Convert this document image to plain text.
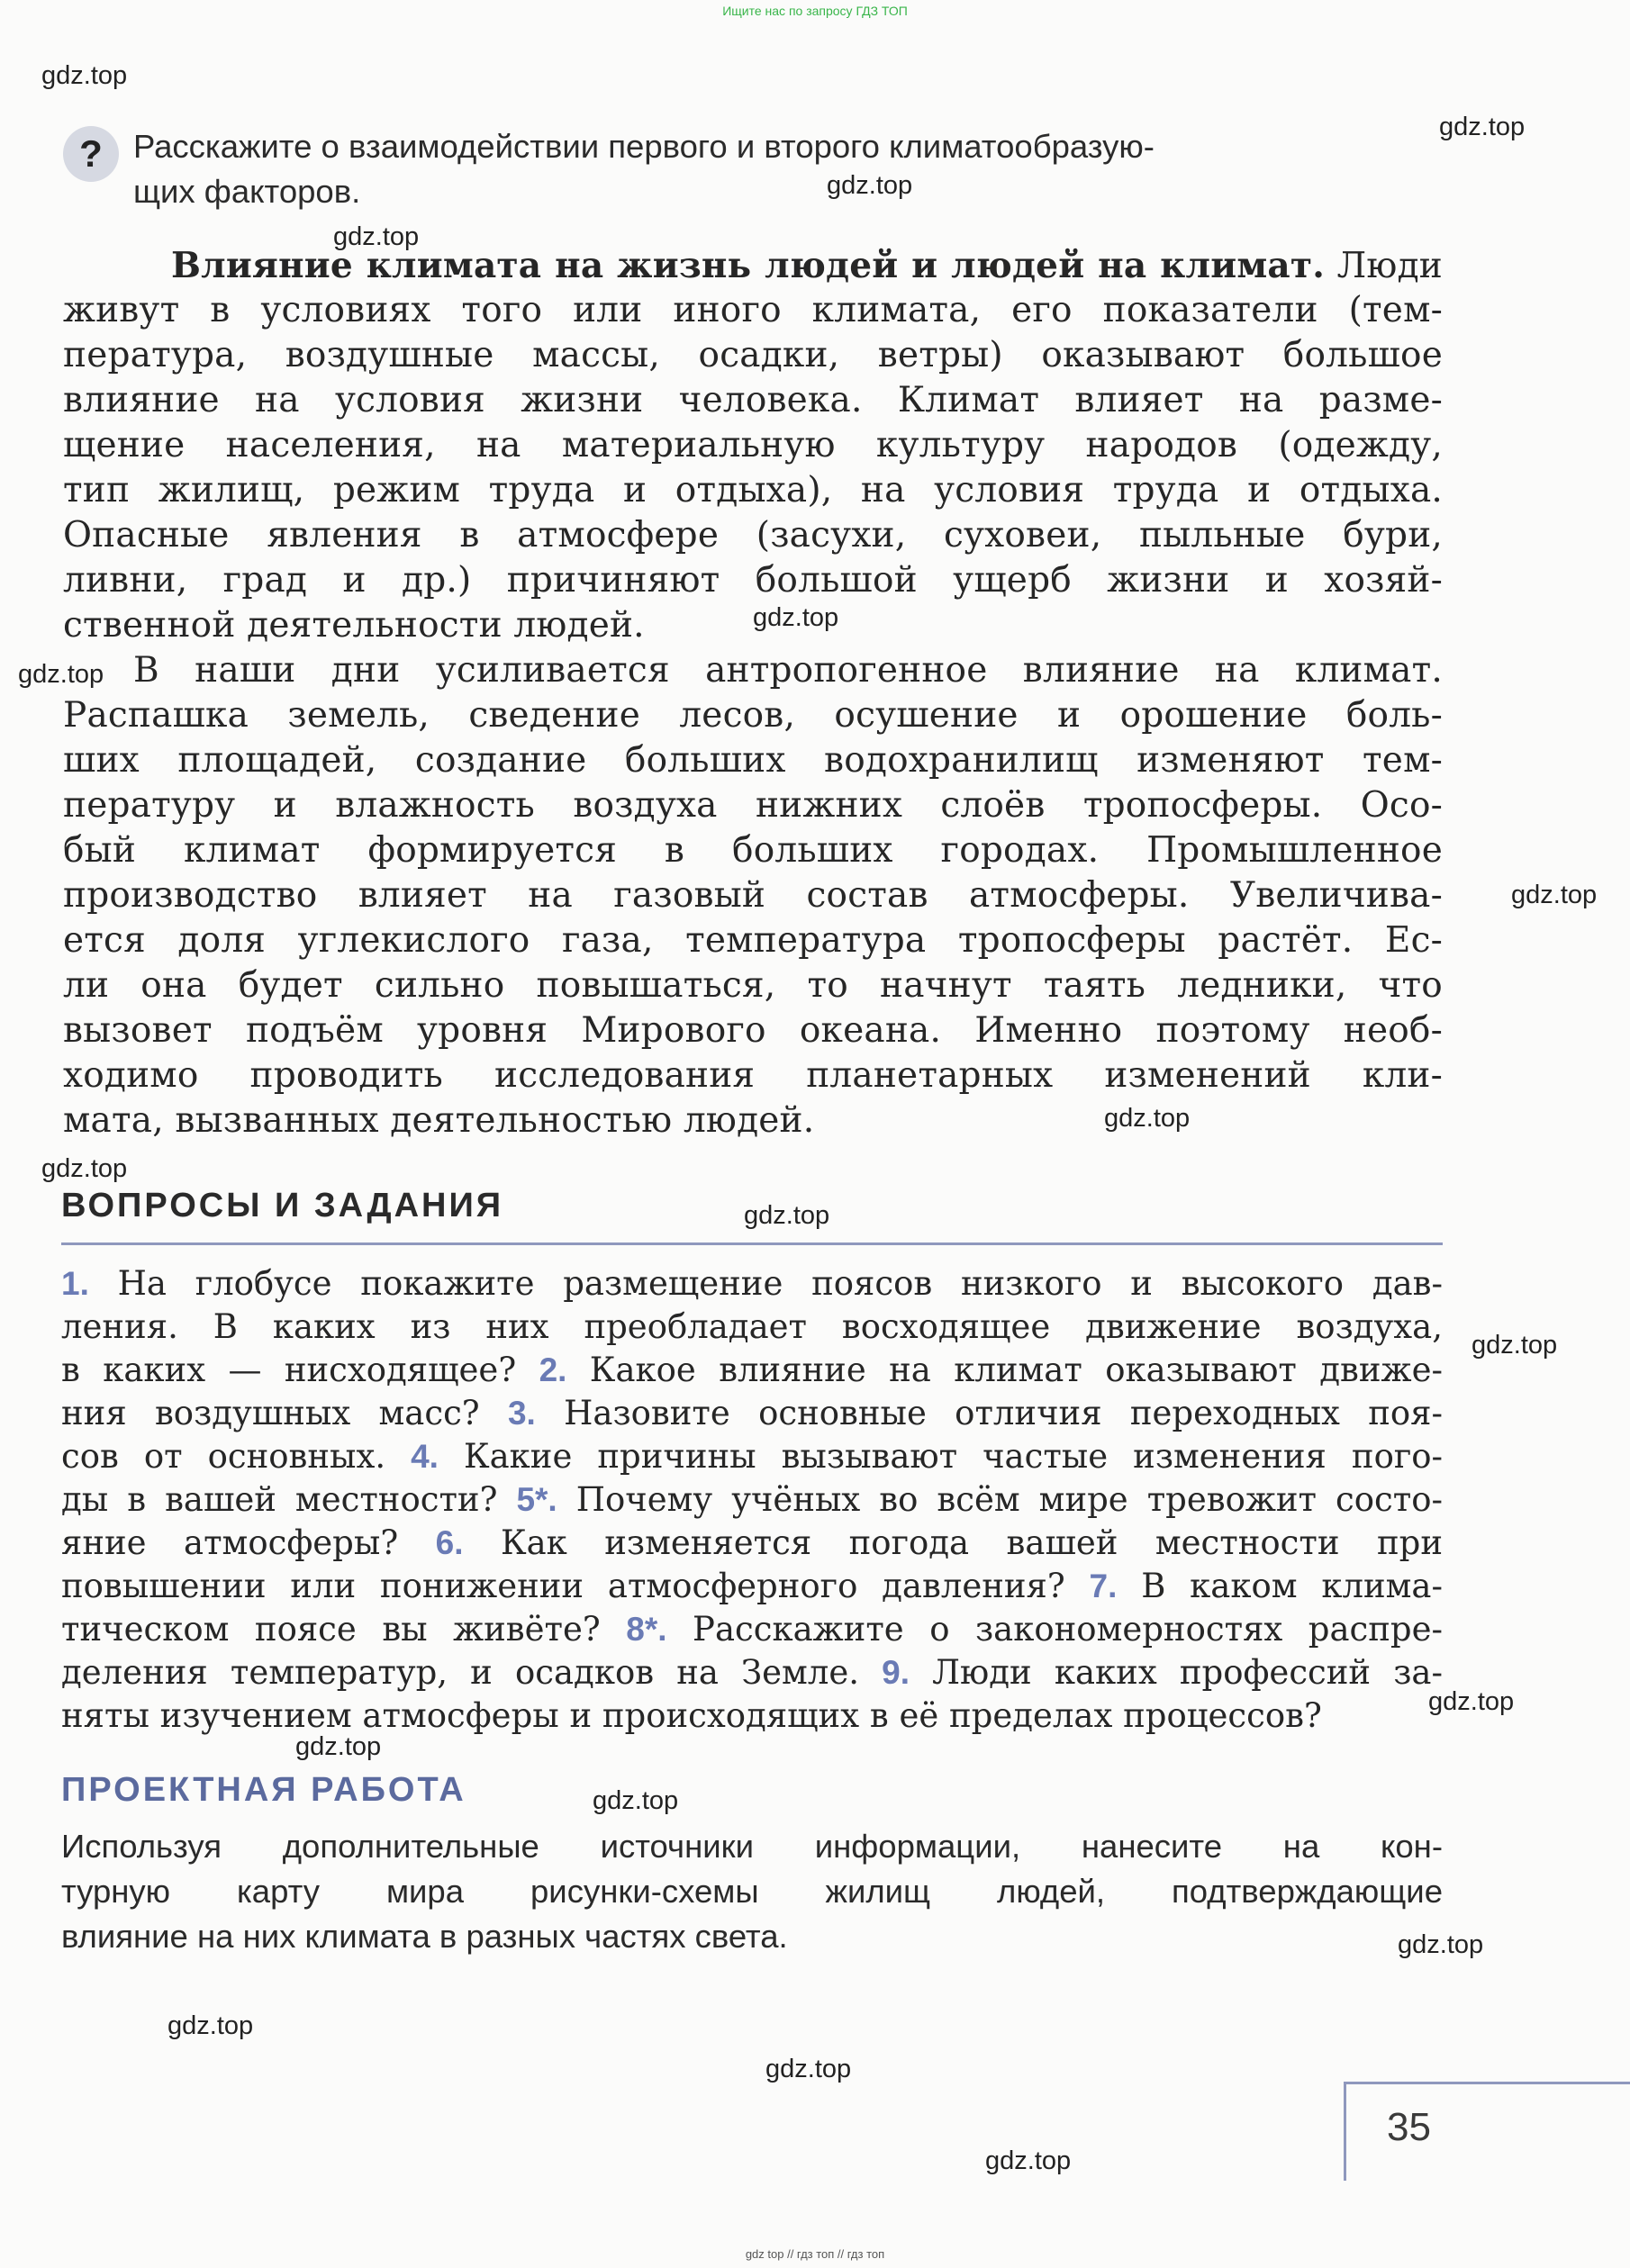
Ищите нас по запросу ГДЗ ТОП
gdz.top
gdz.top
gdz.top
gdz.top
gdz.top
gdz.top
gdz.top
gdz.top
gdz.top
gdz.top
gdz.top
gdz.top
gdz.top
gdz.top
gdz.top
gdz.top
gdz.top
gdz.top
? Расскажите о взаимодействии первого и второго климатообразую-
щих факторов.
Влияние климата на жизнь людей и людей на климат. Люди
живут в условиях того или иного климата, его показатели (тем-
пература, воздушные массы, осадки, ветры) оказывают большое
влияние на условия жизни человека. Климат влияет на разме-
щение населения, на материальную культуру народов (одежду,
тип жилищ, режим труда и отдыха), на условия труда и отдыха.
Опасные явления в атмосфере (засухи, суховеи, пыльные бури,
ливни, град и др.) причиняют большой ущерб жизни и хозяй-
ственной деятельности людей.
В наши дни усиливается антропогенное влияние на климат.
Распашка земель, сведение лесов, осушение и орошение боль-
ших площадей, создание больших водохранилищ изменяют тем-
пературу и влажность воздуха нижних слоёв тропосферы. Осо-
бый климат формируется в больших городах. Промышленное
производство влияет на газовый состав атмосферы. Увеличива-
ется доля углекислого газа, температура тропосферы растёт. Ес-
ли она будет сильно повышаться, то начнут таять ледники, что
вызовет подъём уровня Мирового океана. Именно поэтому необ-
ходимо проводить исследования планетарных изменений кли-
мата, вызванных деятельностью людей.
ВОПРОСЫ И ЗАДАНИЯ
1. На глобусе покажите размещение поясов низкого и высокого дав-
ления. В каких из них преобладает восходящее движение воздуха,
в каких — нисходящее? 2. Какое влияние на климат оказывают движе-
ния воздушных масс? 3. Назовите основные отличия переходных поя-
сов от основных. 4. Какие причины вызывают частые изменения пого-
ды в вашей местности? 5*. Почему учёных во всём мире тревожит состо-
яние атмосферы? 6. Как изменяется погода вашей местности при
повышении или понижении атмосферного давления? 7. В каком клима-
тическом поясе вы живёте? 8*. Расскажите о закономерностях распре-
деления температур, и осадков на Земле. 9. Люди каких профессий за-
няты изучением атмосферы и происходящих в её пределах процессов?
ПРОЕКТНАЯ РАБОТА
Используя дополнительные источники информации, нанесите на кон-
турную карту мира рисунки-схемы жилищ людей, подтверждающие
влияние на них климата в разных частях света.
35
gdz top // гдз топ // гдз топ
